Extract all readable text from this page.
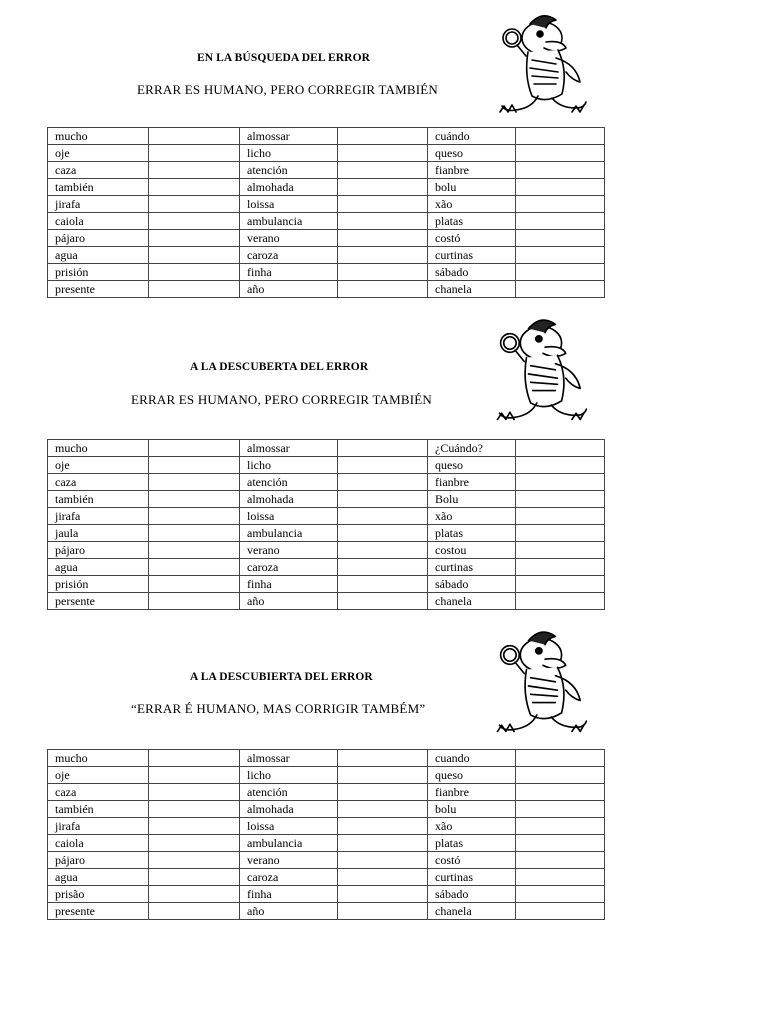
EN LA BÚSQUEDA DEL ERROR
ERRAR ES HUMANO, PERO CORREGIR TAMBIÉN
mucho		almossar		cuándo	
oje		licho		queso	
caza		atención		fianbre	
también		almohada		bolu	
jirafa		loissa		xão	
caiola		ambulancia		platas	
pájaro		verano		costó	
agua		caroza		curtinas	
prisión		finha		sábado	
presente		año		chanela	
A LA DESCUBERTA DEL ERROR
ERRAR ES HUMANO, PERO CORREGIR TAMBIÉN
mucho		almossar		¿Cuándo?	
oje		licho		queso	
caza		atención		fianbre	
también		almohada		Bolu	
jirafa		loissa		xão	
jaula		ambulancia		platas	
pájaro		verano		costou	
agua		caroza		curtinas	
prisión		finha		sábado	
persente		año		chanela	
A LA DESCUBIERTA DEL ERROR
“ERRAR É HUMANO, MAS CORRIGIR TAMBÉM”
mucho		almossar		cuando	
oje		licho		queso	
caza		atención		fianbre	
también		almohada		bolu	
jirafa		loissa		xão	
caiola		ambulancia		platas	
pájaro		verano		costó	
agua		caroza		curtinas	
prisão		finha		sábado	
presente		año		chanela	
